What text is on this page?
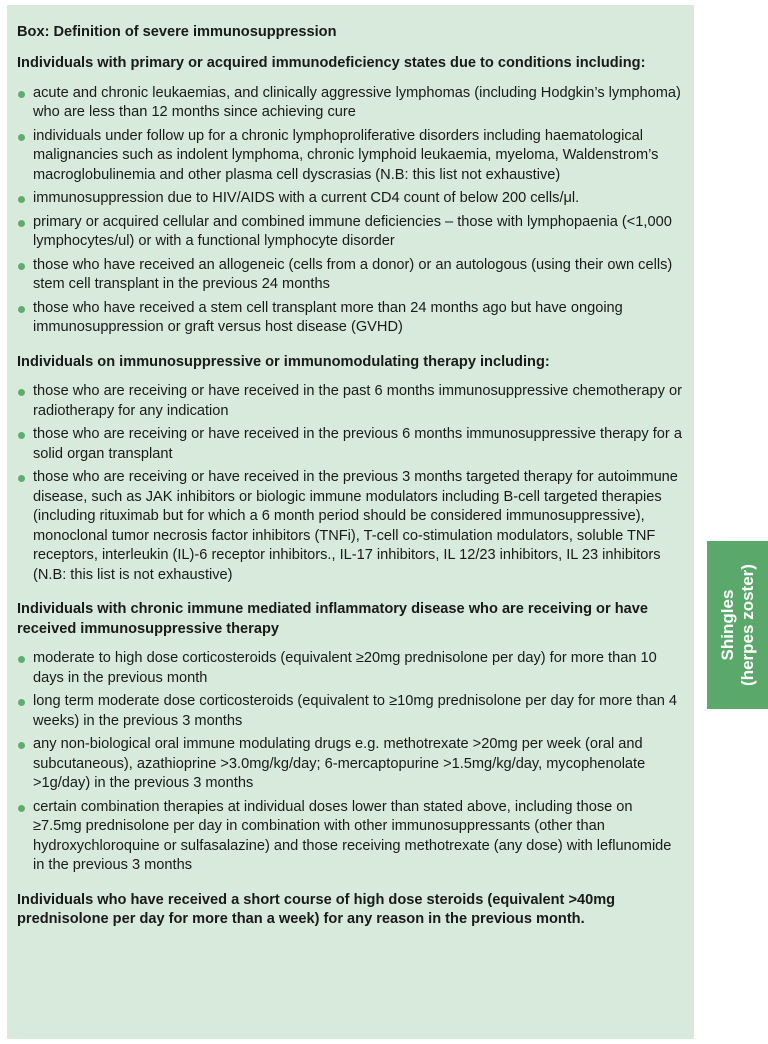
Box: Definition of severe immunosuppression
Individuals with primary or acquired immunodeficiency states due to conditions including:
acute and chronic leukaemias, and clinically aggressive lymphomas (including Hodgkin’s lymphoma) who are less than 12 months since achieving cure
individuals under follow up for a chronic lymphoproliferative disorders including haematological malignancies such as indolent lymphoma, chronic lymphoid leukaemia, myeloma, Waldenstrom’s macroglobulinemia and other plasma cell dyscrasias (N.B: this list not exhaustive)
immunosuppression due to HIV/AIDS with a current CD4 count of below 200 cells/μl.
primary or acquired cellular and combined immune deficiencies – those with lymphopaenia (<1,000 lymphocytes/ul) or with a functional lymphocyte disorder
those who have received an allogeneic (cells from a donor) or an autologous (using their own cells) stem cell transplant in the previous 24 months
those who have received a stem cell transplant more than 24 months ago but have ongoing immunosuppression or graft versus host disease (GVHD)
Individuals on immunosuppressive or immunomodulating therapy including:
those who are receiving or have received in the past 6 months immunosuppressive chemotherapy or radiotherapy for any indication
those who are receiving or have received in the previous 6 months immunosuppressive therapy for a solid organ transplant
those who are receiving or have received in the previous 3 months targeted therapy for autoimmune disease, such as JAK inhibitors or biologic immune modulators including B-cell targeted therapies (including rituximab but for which a 6 month period should be considered immunosuppressive), monoclonal tumor necrosis factor inhibitors (TNFi), T-cell co-stimulation modulators, soluble TNF receptors, interleukin (IL)-6 receptor inhibitors., IL-17 inhibitors, IL 12/23 inhibitors, IL 23 inhibitors (N.B: this list is not exhaustive)
Individuals with chronic immune mediated inflammatory disease who are receiving or have received immunosuppressive therapy
moderate to high dose corticosteroids (equivalent ≥20mg prednisolone per day) for more than 10 days in the previous month
long term moderate dose corticosteroids (equivalent to ≥10mg prednisolone per day for more than 4 weeks) in the previous 3 months
any non-biological oral immune modulating drugs e.g. methotrexate >20mg per week (oral and subcutaneous), azathioprine >3.0mg/kg/day; 6-mercaptopurine >1.5mg/kg/day, mycophenolate >1g/day) in the previous 3 months
certain combination therapies at individual doses lower than stated above, including those on ≥7.5mg prednisolone per day in combination with other immunosuppressants (other than hydroxychloroquine or sulfasalazine) and those receiving methotrexate (any dose) with leflunomide in the previous 3 months
Individuals who have received a short course of high dose steroids (equivalent >40mg prednisolone per day for more than a week) for any reason in the previous month.
Shingles (herpes zoster)
